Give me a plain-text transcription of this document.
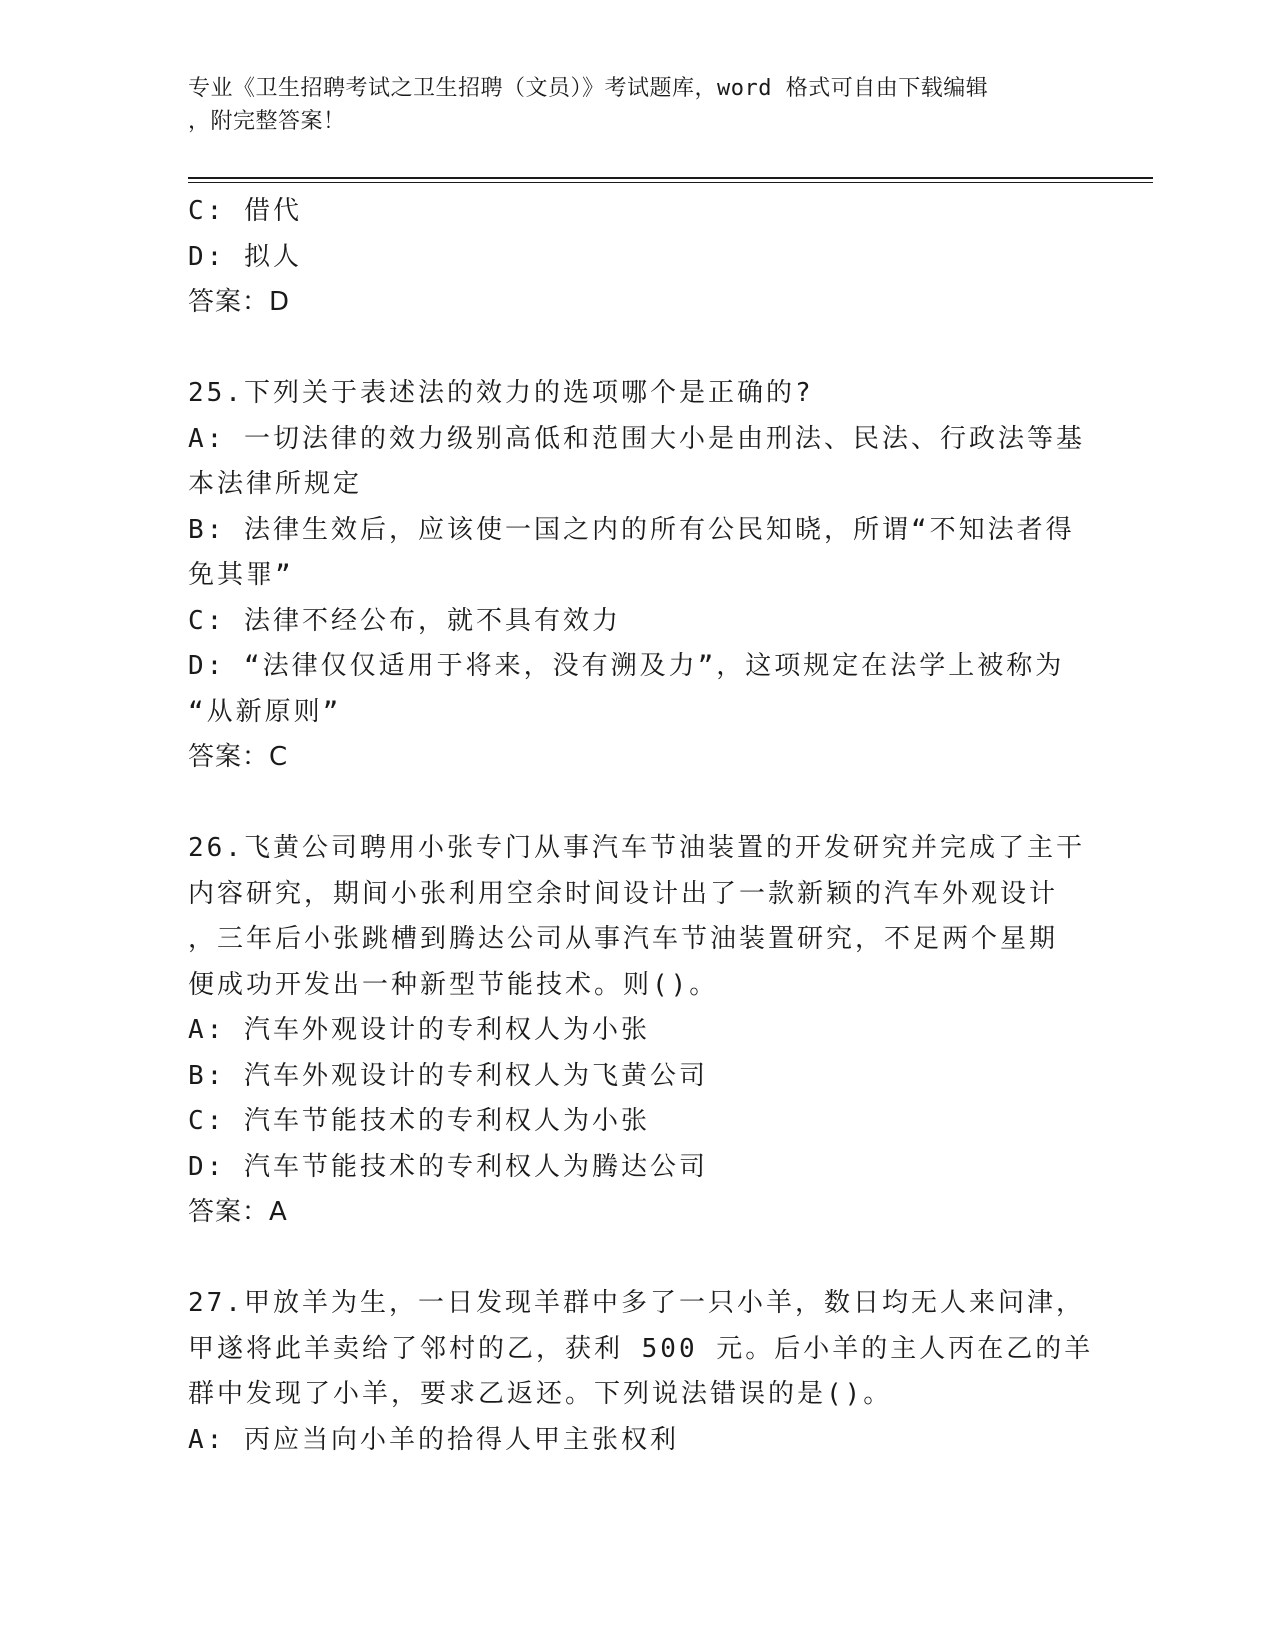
专业《卫生招聘考试之卫生招聘（文员）》考试题库，word 格式可自由下载编辑
，附完整答案！
C: 借代
D: 拟人
答案：D
25.下列关于表述法的效力的选项哪个是正确的?
A: 一切法律的效力级别高低和范围大小是由刑法、民法、行政法等基
本法律所规定
B: 法律生效后，应该使一国之内的所有公民知晓，所谓“不知法者得
免其罪”
C: 法律不经公布，就不具有效力
D: “法律仅仅适用于将来，没有溯及力”，这项规定在法学上被称为
“从新原则”
答案：C
26.飞黄公司聘用小张专门从事汽车节油装置的开发研究并完成了主干
内容研究，期间小张利用空余时间设计出了一款新颖的汽车外观设计
，三年后小张跳槽到腾达公司从事汽车节油装置研究，不足两个星期
便成功开发出一种新型节能技术。则()。
A: 汽车外观设计的专利权人为小张
B: 汽车外观设计的专利权人为飞黄公司
C: 汽车节能技术的专利权人为小张
D: 汽车节能技术的专利权人为腾达公司
答案：A
27.甲放羊为生，一日发现羊群中多了一只小羊，数日均无人来问津，
甲遂将此羊卖给了邻村的乙，获利 500 元。后小羊的主人丙在乙的羊
群中发现了小羊，要求乙返还。下列说法错误的是()。
A: 丙应当向小羊的拾得人甲主张权利
